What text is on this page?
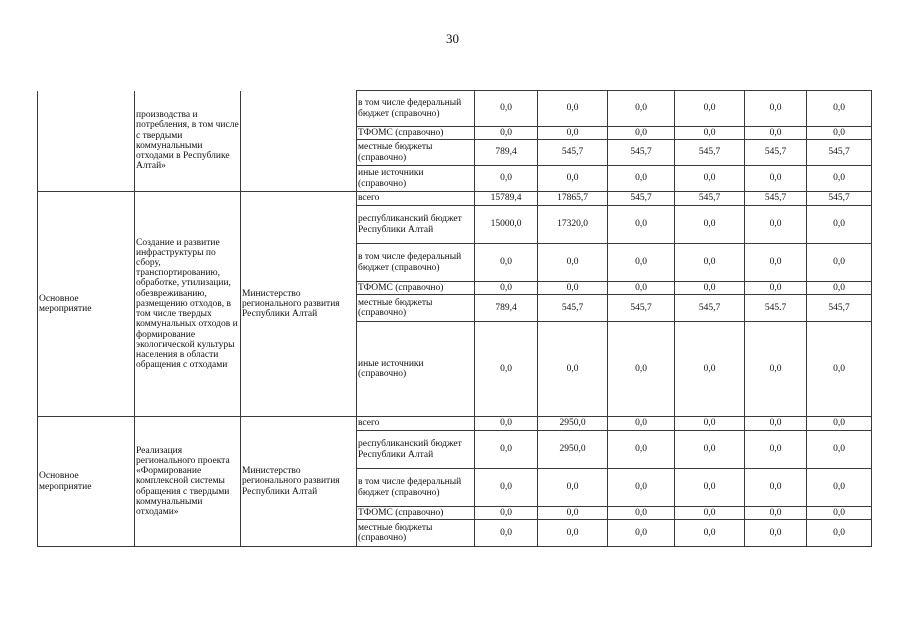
30
	производства и потребления, в том числе с твердыми коммунальными отходами в Республике Алтай»		в том числе федеральный бюджет (справочно)	0,0	0,0	0,0	0,0	0,0	0,0
			ТФОМС (справочно)	0,0	0,0	0,0	0,0	0,0	0,0
			местные бюджеты (справочно)	789,4	545,7	545,7	545,7	545,7	545,7
			иные источники (справочно)	0,0	0,0	0,0	0,0	0,0	0,0
Основное мероприятие	Создание и развитие инфраструктуры по сбору, транспортированию, обработке, утилизации, обезвреживанию, размещению отходов, в том числе твердых коммунальных отходов и формирование экологической культуры населения в области обращения с отходами	Министерство регионального развития Республики Алтай	всего	15789,4	17865,7	545,7	545,7	545,7	545,7
			республиканский бюджет Республики Алтай	15000,0	17320,0	0,0	0,0	0,0	0,0
			в том числе федеральный бюджет (справочно)	0,0	0,0	0,0	0,0	0,0	0,0
			ТФОМС (справочно)	0,0	0,0	0,0	0,0	0,0	0,0
			местные бюджеты (справочно)	789,4	545,7	545,7	545,7	545.7	545,7
			иные источники (справочно)	0,0	0,0	0,0	0,0	0,0	0,0
Основное мероприятие	Реализация регионального проекта «Формирование комплексной системы обращения с твердыми коммунальными отходами»	Министерство регионального развития Республики Алтай	всего	0,0	2950,0	0,0	0,0	0,0	0,0
			республиканский бюджет Республики Алтай	0,0	2950,0	0,0	0,0	0,0	0,0
			в том числе федеральный бюджет (справочно)	0,0	0,0	0,0	0,0	0,0	0,0
			ТФОМС (справочно)	0,0	0,0	0,0	0,0	0,0	0,0
			местные бюджеты (справочно)	0,0	0,0	0,0	0,0	0,0	0,0
